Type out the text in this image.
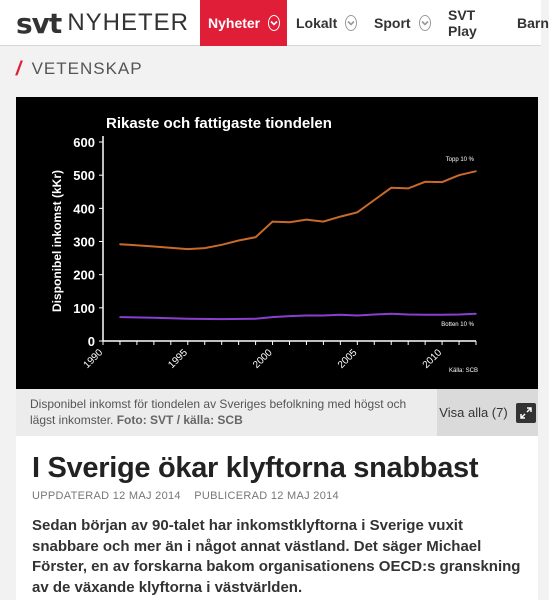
svt NYHETER Nyheter	Lokalt	Sport	SVT Play	Barn
/ VETENSKAP
Rikaste och fattigaste tiondelen
Disponibel inkomst (kKr)
Källa: SCB
0
100
200
300
400
500
600
1990	1995	2000	2005	2010
Topp 10 %
Botten 10 %
Disponibel inkomst för tiondelen av Sveriges befolkning med högst och lägst inkomster. Foto: SVT / källa: SCB	Visa alla (7)
I Sverige ökar klyftorna snabbast
UPPDATERAD 12 MAJ 2014 PUBLICERAD 12 MAJ 2014

Sedan början av 90-talet har inkomstklyftorna i Sverige vuxit snabbare och mer än i något annat västland. Det säger Michael Förster, en av forskarna bakom organisationens OECD:s granskning av de växande klyftorna i västvärlden.
